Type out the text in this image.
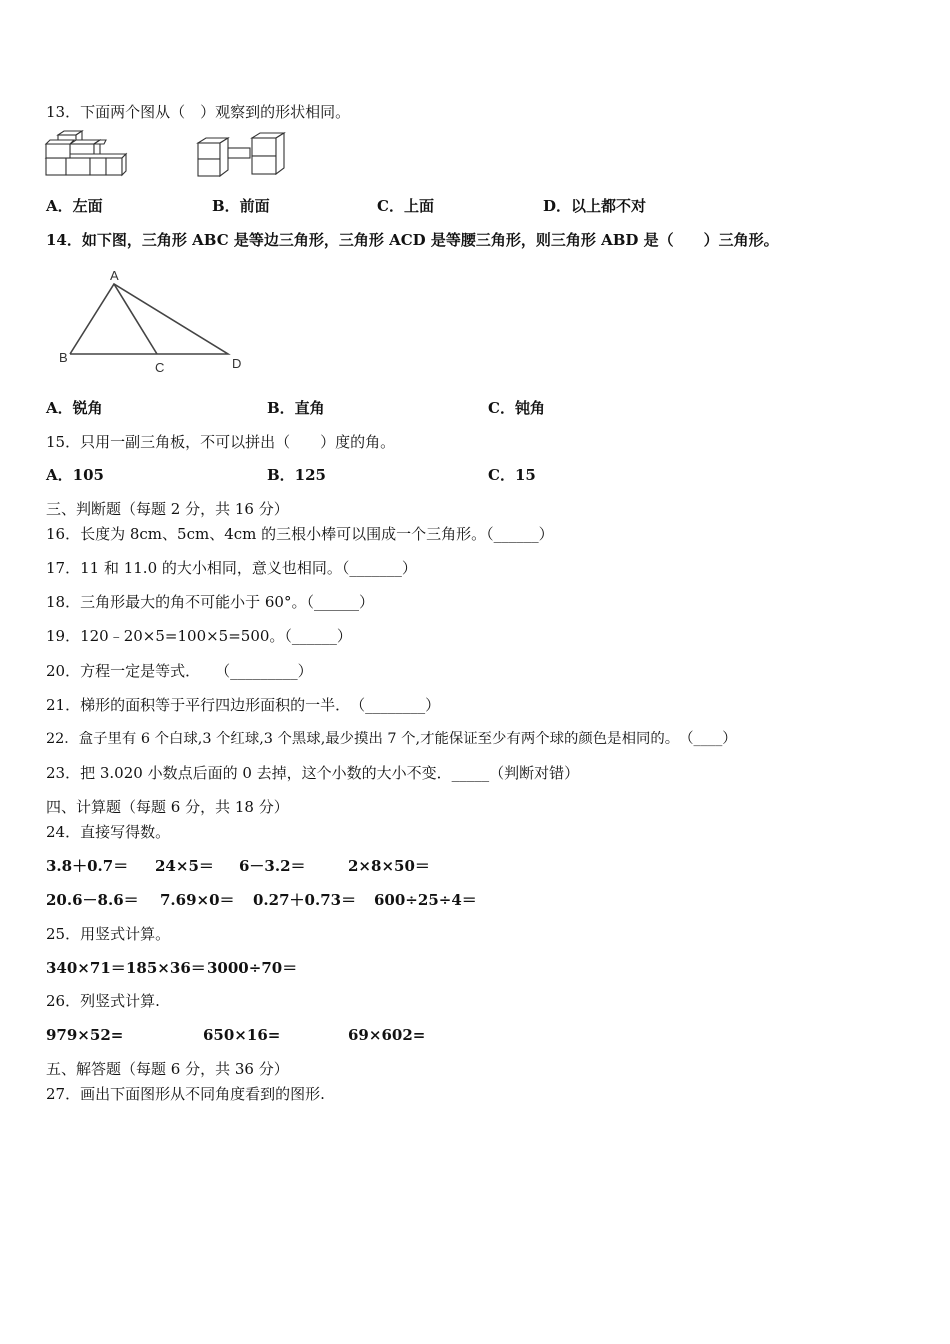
13．下面两个图从（　）观察到的形状相同。
A．左面	B．前面	C．上面	D．以上都不对
14．如下图，三角形 ABC 是等边三角形，三角形 ACD 是等腰三角形，则三角形 ABD 是（　　）三角形。
A
B
C	D
A．锐角	B．直角	C．钝角
15．只用一副三角板，不可以拼出（　　）度的角。
A．105	B．125	C．15
三、判断题（每题 2 分，共 16 分）
16．长度为 8cm、5cm、4cm 的三根小棒可以围成一个三角形。（______）
17．11 和 11.0 的大小相同，意义也相同。（_______）
18．三角形最大的角不可能小于 60°。（______）
19．120﹣20×5=100×5=500。（______）
20．方程一定是等式．　　（_________）
21．梯形的面积等于平行四边形面积的一半．　（________）
22．盒子里有 6 个白球,3 个红球,3 个黑球,最少摸出 7 个,才能保证至少有两个球的颜色是相同的。　（____）
23．把 3.020 小数点后面的 0 去掉，这个小数的大小不变．_____（判断对错）
四、计算题（每题 6 分，共 18 分）
24．直接写得数。
3.8＋0.7＝ 24×5＝ 6－3.2＝	2×8×50＝
20.6－8.6＝ 7.69×0＝ 0.27＋0.73＝ 600÷25÷4＝
25．用竖式计算。
340×71＝ 185×36＝ 3000÷70＝
26．列竖式计算.
979×52=	650×16=	69×602=
五、解答题（每题 6 分，共 36 分）
27．画出下面图形从不同角度看到的图形.
